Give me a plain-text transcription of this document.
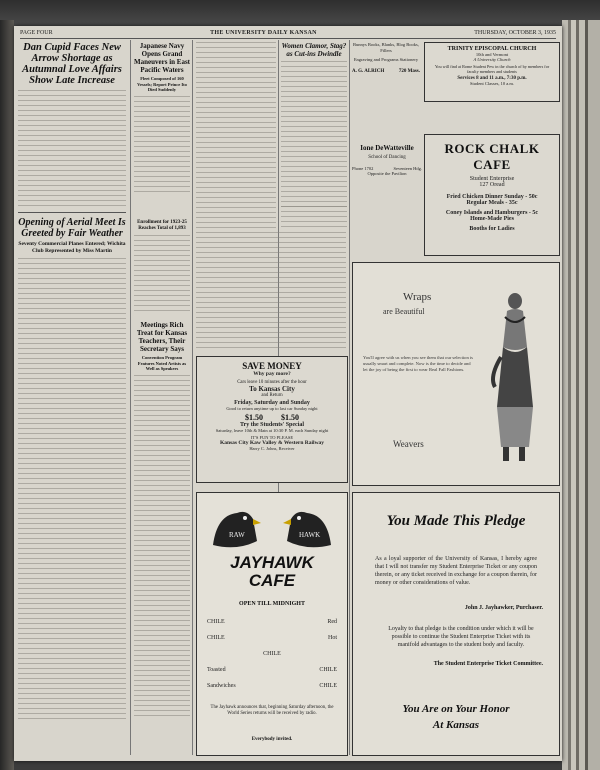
PAGE FOUR	THE UNIVERSITY DAILY KANSAN	THURSDAY, OCTOBER 3, 1935
Dan Cupid Faces New Arrow Shortage as Autumnal Love Affairs Show Late Increase
Opening of Aerial Meet Is Greeted by Fair Weather
Seventy Commercial Planes Entered; Wichita Club Represented by Miss Martin
Japanese Navy Opens Grand Maneuvers in East Pacific Waters
Fleet Composed of 160 Vessels; Report Prince Ito Died Suddenly
Enrollment for 1923-25 Reaches Total of 1,893
Meetings Rich Treat for Kansas Teachers, Their Secretary Says
Convention Program Features Noted Artists as Well as Speakers
Women Clamor, Stag? as Cut-ins Dwindle
Ione DeWatteville
School of Dancing
Phone 1702	Seventeen Hdg.
Opposite the Pavilion
Bunnys Books, Blanks, Blog Books, Fillers
Engraving and Programs Stationery
A. G. ALRICH	720 Mass.
TRINITY EPISCOPAL CHURCH
10th and Vermont
A University Church
You will find at Rome Student Pew in the church of by members for faculty members and students
Services 8 and 11 a.m., 7:30 p.m.
Student Classes, 10 a.m.
ROCK CHALK CAFE
Student Enterprise
127 Oread
Fried Chicken Dinner Sunday - 50c
Regular Meals - 35c
Coney Islands and Hamburgers - 5c
Home-Made Pies
Booths for Ladies
Wraps
are Beautiful
You'll agree with us when you see them that our selection is usually smart and complete. Now is the time to decide and let the joy of being the first to wear Real Fall Fashions.
Weavers
SAVE MONEY
Why pay more?
Cars leave 10 minutes after the hour
To Kansas City
and Return
Friday, Saturday and Sunday
Good to return anytime up to last car Sunday night
$1.50 $1.50
Try the Students' Special
Saturday, leave 10th & Main at 10:30 P. M. each Sunday night
IT'S FUN TO PLEASE
Kansas City Kaw Valley & Western Railway
Harry C. Johns, Receiver
RAW	HAWK
JAYHAWK
CAFE
OPEN TILL MIDNIGHT
CHILE	Red
CHILE	Hot
CHILE
Toasted	CHILE
Sandwiches	CHILE
The Jayhawk announces that, beginning Saturday afternoon, the World Series returns will be received by radio.
Everybody invited.
You Made This Pledge
As a loyal supporter of the University of Kansas, I hereby agree that I will not transfer my Student Enterprise Ticket or any coupon therein, or any ticket received in exchange for a coupon therein, for money or other considerations of value.
John J. Jayhawker, Purchaser.
Loyalty to that pledge is the condition under which it will be possible to continue the Student Enterprise Ticket with its manifold advantages to the student body and faculty.
The Student Enterprise Ticket Committee.
You Are on Your Honor
At Kansas
